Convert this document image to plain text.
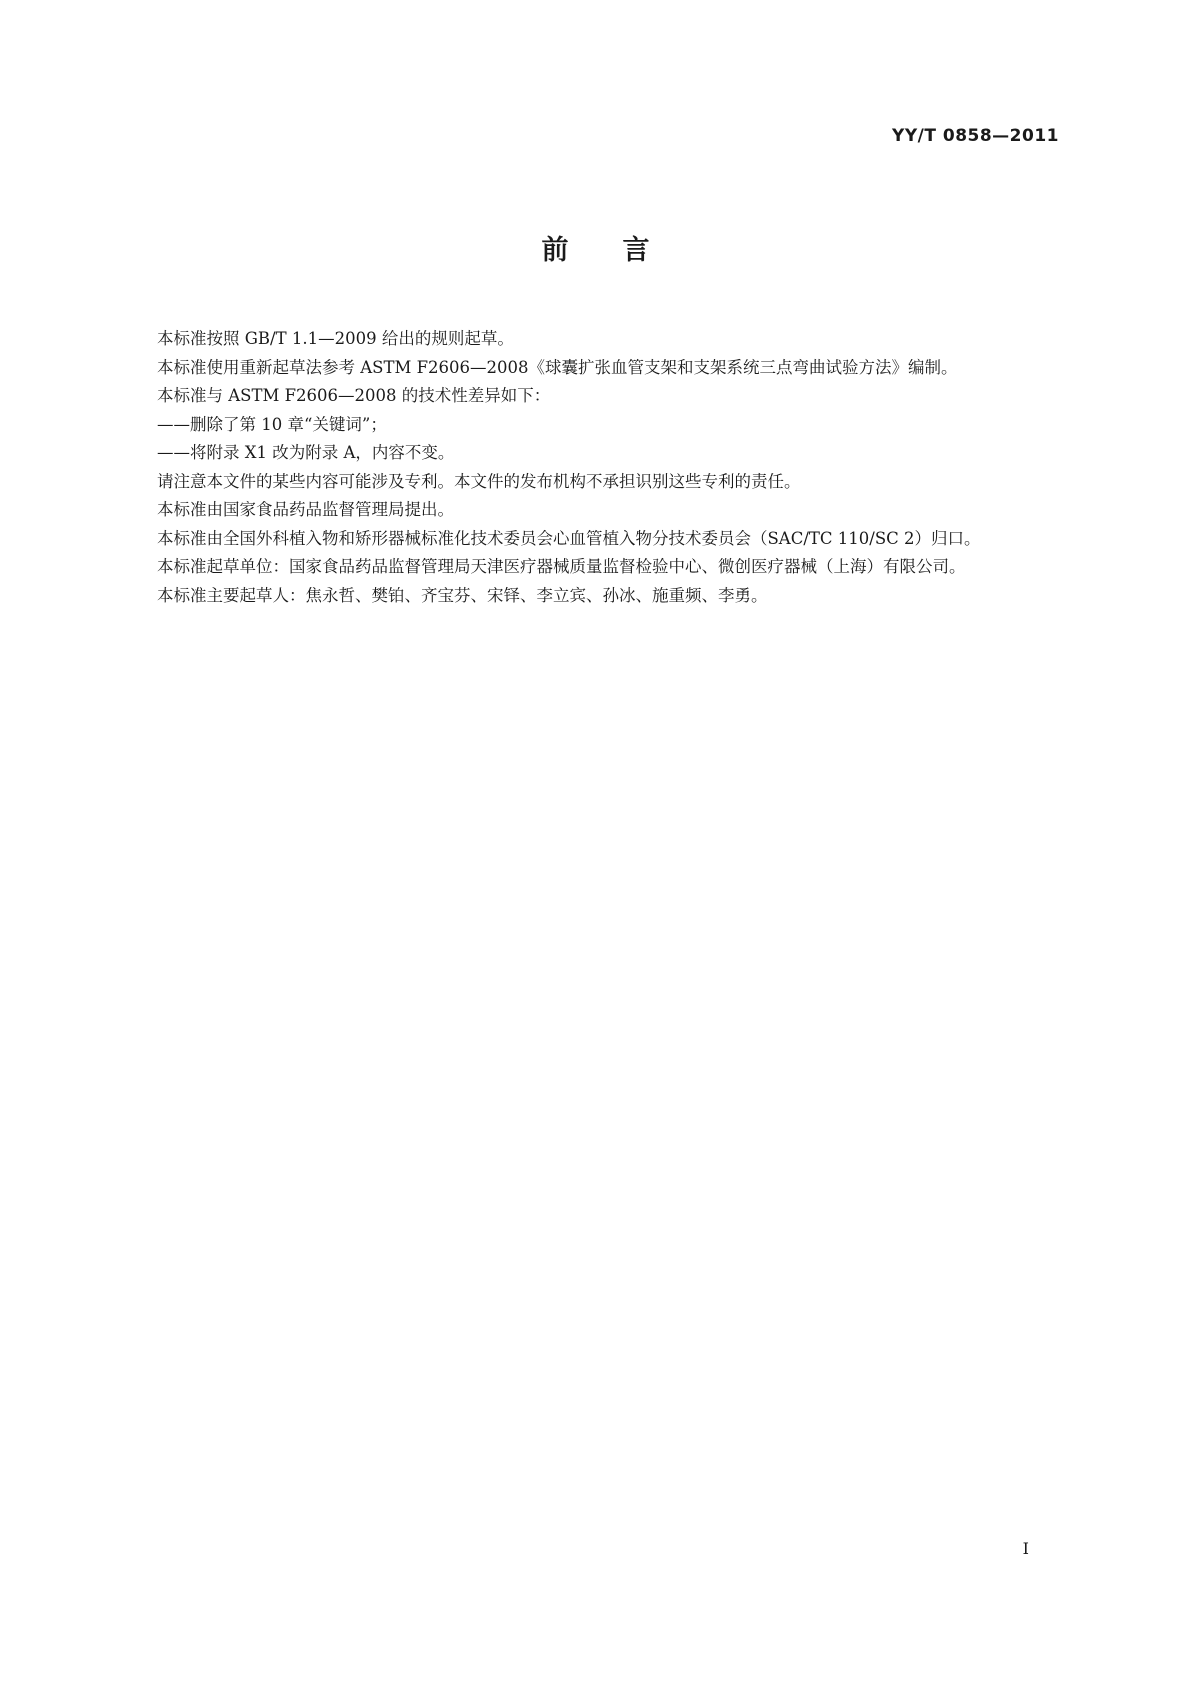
YY/T 0858—2011
前言

本标准按照 GB/T 1.1—2009 给出的规则起草。

本标准使用重新起草法参考 ASTM F2606—2008《球囊扩张血管支架和支架系统三点弯曲试验方法》编制。

本标准与 ASTM F2606—2008 的技术性差异如下：

——删除了第 10 章“关键词”；

——将附录 X1 改为附录 A，内容不变。

请注意本文件的某些内容可能涉及专利。本文件的发布机构不承担识别这些专利的责任。

本标准由国家食品药品监督管理局提出。

本标准由全国外科植入物和矫形器械标准化技术委员会心血管植入物分技术委员会（SAC/TC 110/SC 2）归口。

本标准起草单位：国家食品药品监督管理局天津医疗器械质量监督检验中心、微创医疗器械（上海）有限公司。

本标准主要起草人：焦永哲、樊铂、齐宝芬、宋铎、李立宾、孙冰、施重频、李勇。

I
